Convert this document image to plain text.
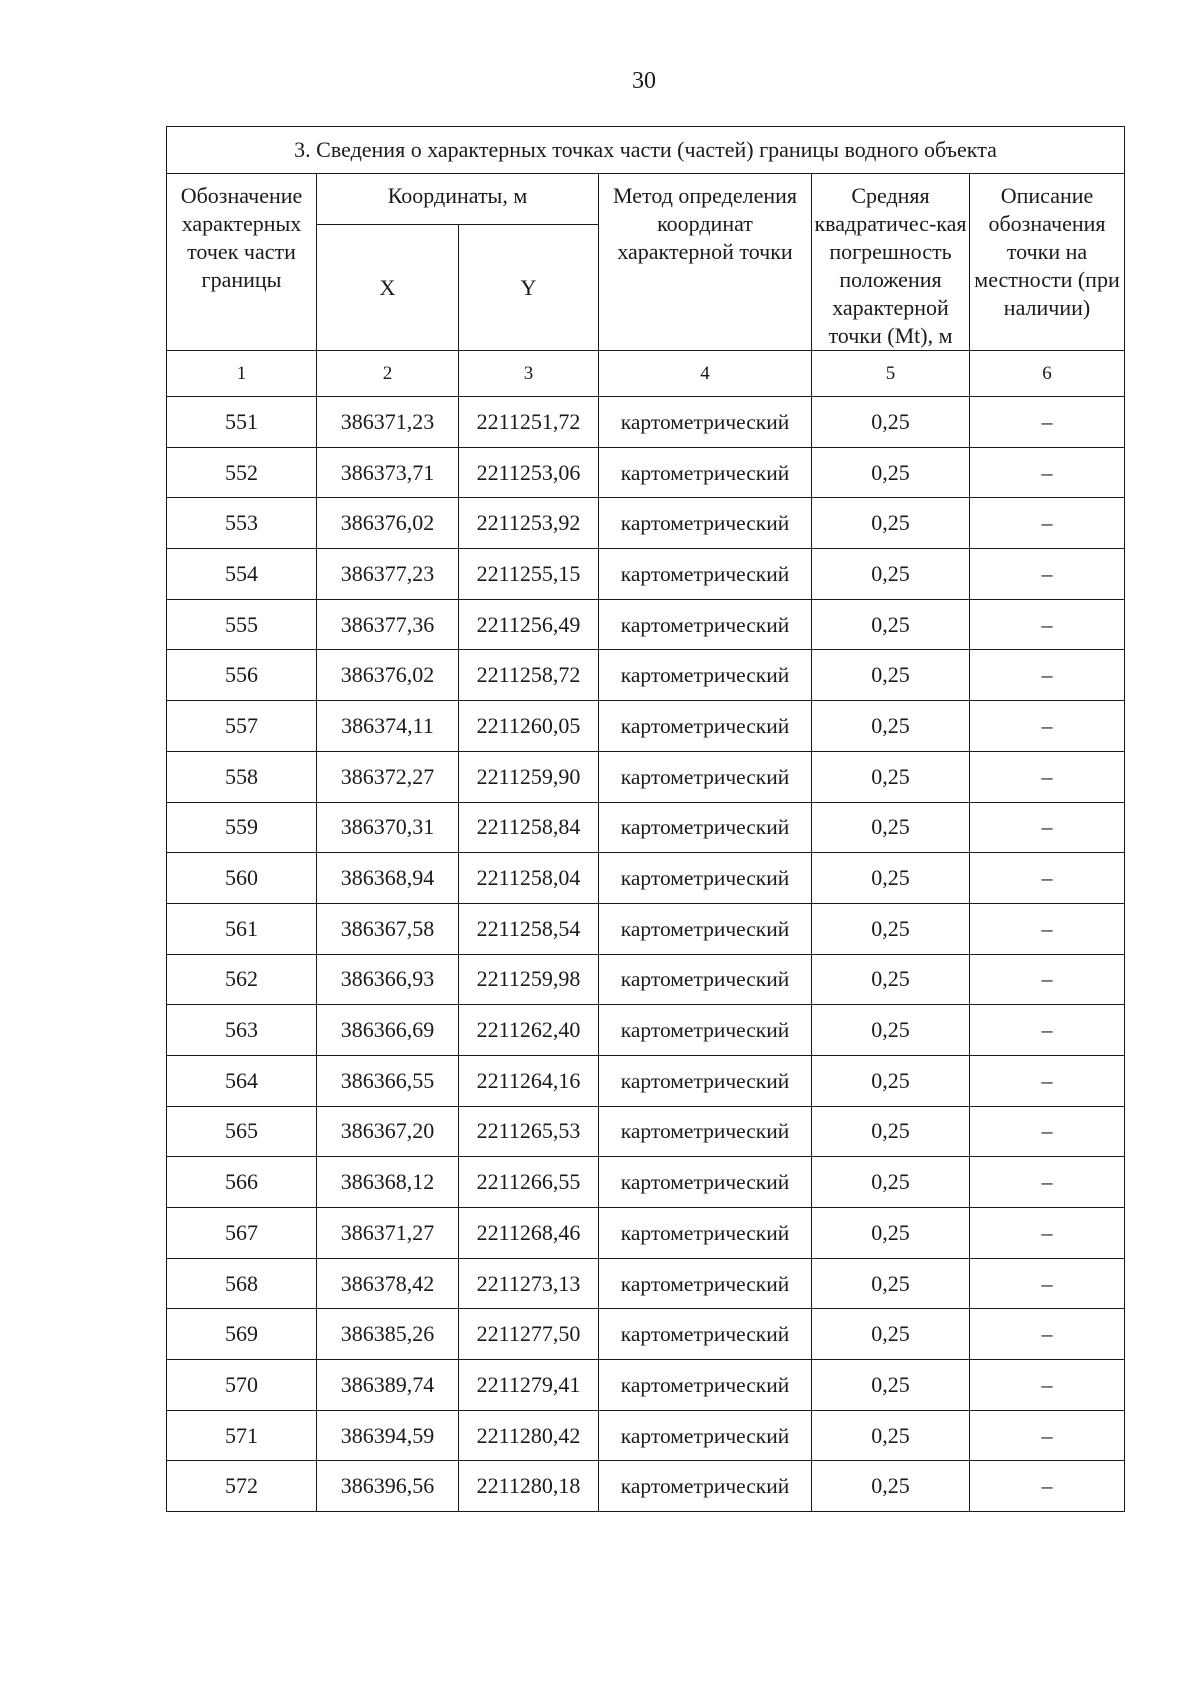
30
3. Сведения о характерных точках части (частей) границы водного объекта					
Обозначение характерных точек части границы	Координаты, м		Метод определения координат характерной точки	Средняя квадратичес-кая погрешность положения характерной точки (Mt), м	Описание обозначения точки на местности (при наличии)
	X	Y			

1	2	3	4	5	6
551	386371,23	2211251,72	картометрический	0,25	–
552	386373,71	2211253,06	картометрический	0,25	–
553	386376,02	2211253,92	картометрический	0,25	–
554	386377,23	2211255,15	картометрический	0,25	–
555	386377,36	2211256,49	картометрический	0,25	–
556	386376,02	2211258,72	картометрический	0,25	–
557	386374,11	2211260,05	картометрический	0,25	–
558	386372,27	2211259,90	картометрический	0,25	–
559	386370,31	2211258,84	картометрический	0,25	–
560	386368,94	2211258,04	картометрический	0,25	–
561	386367,58	2211258,54	картометрический	0,25	–
562	386366,93	2211259,98	картометрический	0,25	–
563	386366,69	2211262,40	картометрический	0,25	–
564	386366,55	2211264,16	картометрический	0,25	–
565	386367,20	2211265,53	картометрический	0,25	–
566	386368,12	2211266,55	картометрический	0,25	–
567	386371,27	2211268,46	картометрический	0,25	–
568	386378,42	2211273,13	картометрический	0,25	–
569	386385,26	2211277,50	картометрический	0,25	–
570	386389,74	2211279,41	картометрический	0,25	–
571	386394,59	2211280,42	картометрический	0,25	–
572	386396,56	2211280,18	картометрический	0,25	–
